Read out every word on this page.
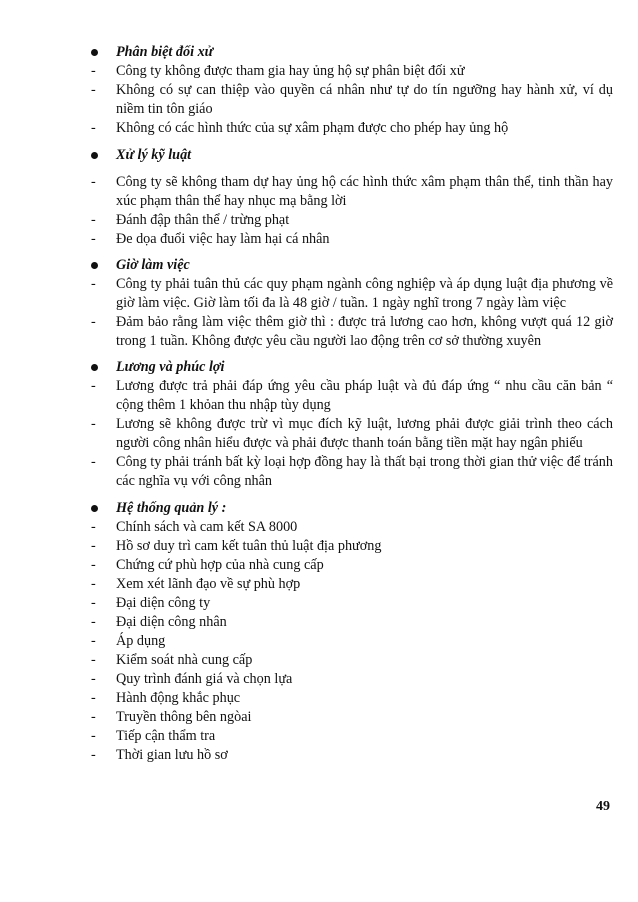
Phân biệt đối xử
- Công ty không được tham gia hay ủng hộ sự phân biệt đối xử
- Không có sự can thiệp vào quyền cá nhân như tự do tín ngưỡng hay hành xử, ví dụ niềm tin tôn giáo
- Không có các hình thức của sự xâm phạm được cho phép hay ủng hộ
Xử lý kỹ luật
- Công ty sẽ không tham dự hay ủng hộ các hình thức xâm phạm thân thể, tinh thần hay xúc phạm thân thể hay nhục mạ bằng lời
- Đánh đập thân thể / trừng phạt
- Đe dọa đuổi việc hay làm hại cá nhân
Giờ làm việc
- Công ty phải tuân thủ các quy phạm ngành công nghiệp và áp dụng luật địa phương về giờ làm việc. Giờ làm tối đa là 48 giờ / tuần. 1 ngày nghĩ trong 7 ngày làm việc
- Đảm bảo rằng làm việc thêm giờ thì : được trả lương cao hơn, không vượt quá 12 giờ trong 1 tuần. Không được yêu cầu người lao động trên cơ sở thường xuyên
Lương và phúc lợi
- Lương được trả phải đáp ứng yêu cầu pháp luật và đủ đáp ứng “ nhu cầu căn bản “ cộng thêm 1 khỏan thu nhập tùy dụng
- Lương sẽ không được trừ vì mục đích kỹ luật, lương phải được giải trình theo cách người công nhân hiểu được và phải được thanh toán bằng tiền mặt hay ngân phiếu
- Công ty phải tránh bất kỳ loại hợp đồng hay là thất bại trong thời gian thử việc để tránh các nghĩa vụ với công nhân
Hệ thống quản lý :
- Chính sách và cam kết SA 8000
- Hồ sơ duy trì cam kết tuân thủ luật địa phương
- Chứng cứ phù hợp của nhà cung cấp
- Xem xét lãnh đạo về sự phù hợp
- Đại diện công ty
- Đại diện công nhân
- Áp dụng
- Kiểm soát nhà cung cấp
- Quy trình đánh giá và chọn lựa
- Hành động khắc phục
- Truyền thông bên ngòai
- Tiếp cận thẩm tra
- Thời gian lưu hồ sơ
49
